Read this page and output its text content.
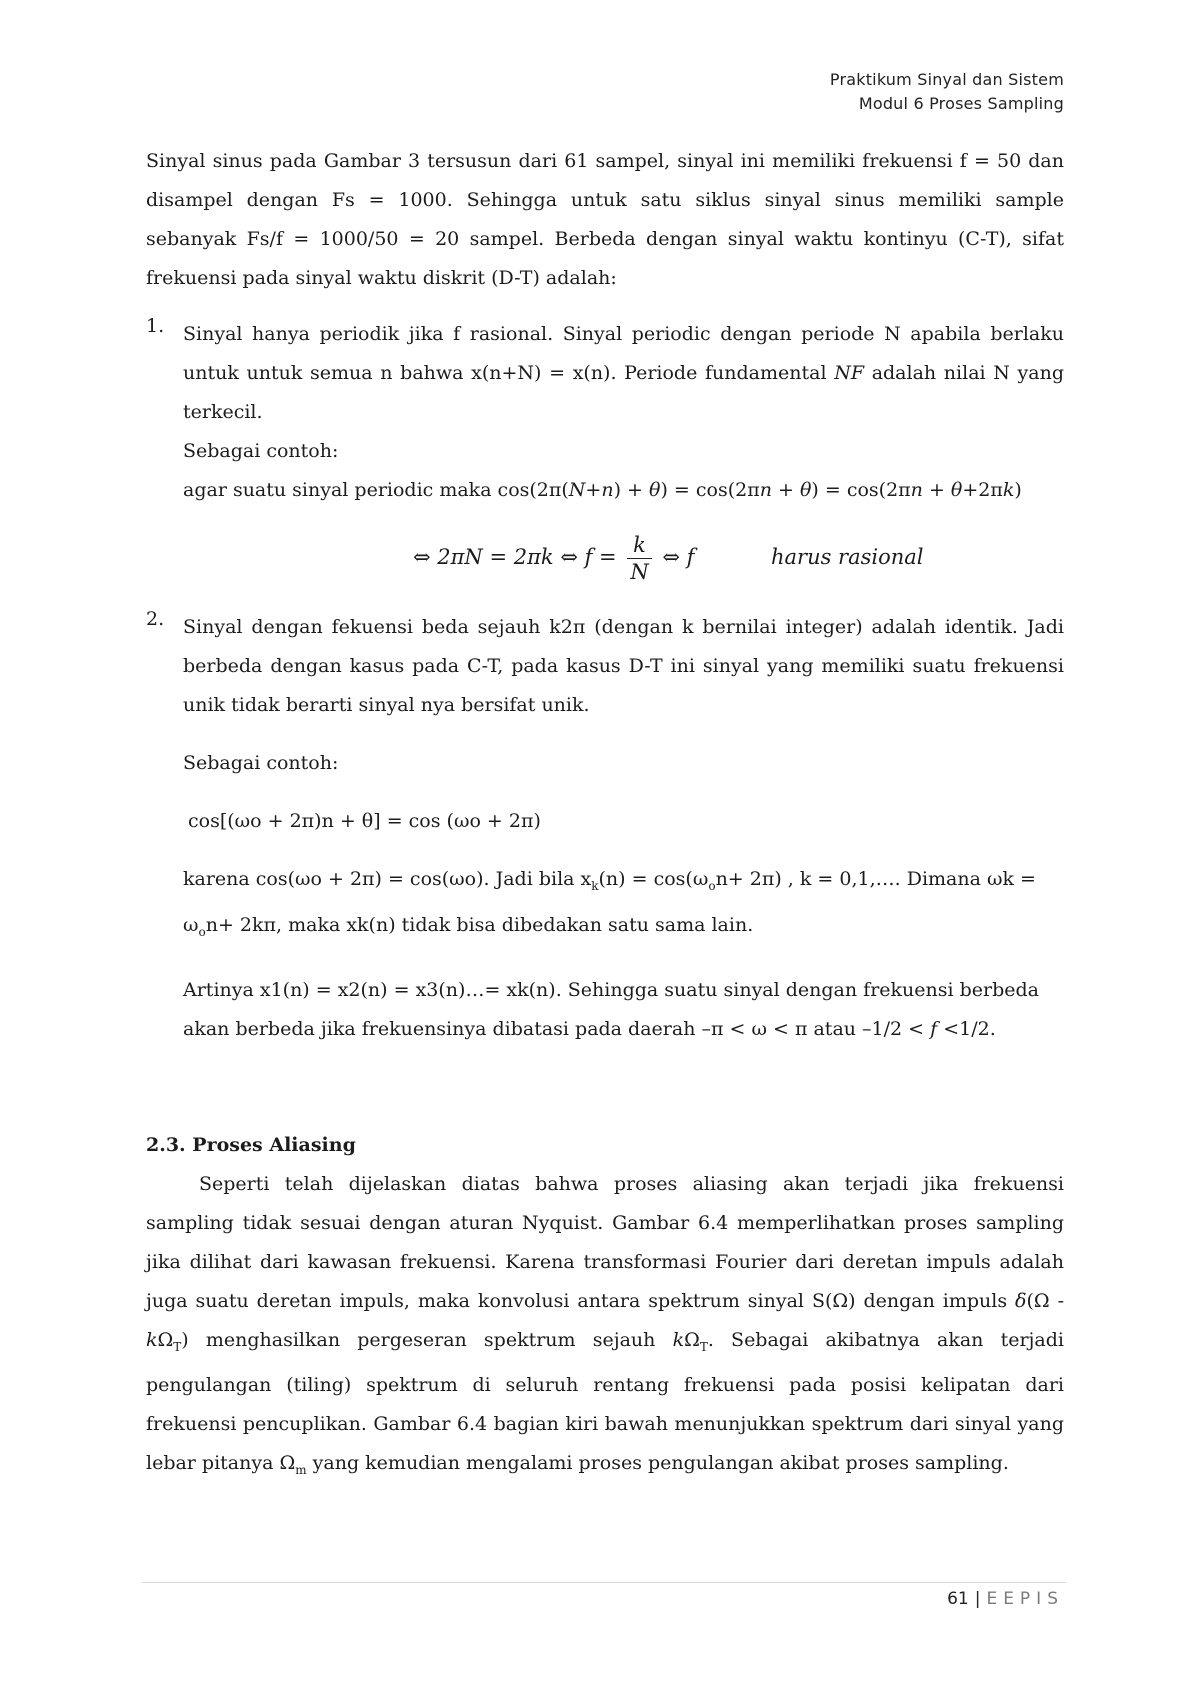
Praktikum Sinyal dan Sistem
Modul 6 Proses Sampling

Sinyal sinus pada Gambar 3 tersusun dari 61 sampel, sinyal ini memiliki frekuensi f = 50 dan disampel dengan Fs = 1000. Sehingga untuk satu siklus sinyal sinus memiliki sample sebanyak Fs/f = 1000/50 = 20 sampel. Berbeda dengan sinyal waktu kontinyu (C-T), sifat frekuensi pada sinyal waktu diskrit (D-T) adalah:

1. Sinyal hanya periodik jika f rasional. Sinyal periodic dengan periode N apabila berlaku untuk untuk semua n bahwa x(n+N) = x(n). Periode fundamental NF adalah nilai N yang terkecil.

Sebagai contoh:
agar suatu sinyal periodic maka cos(2π(N+n) + θ) = cos(2πn + θ) = cos(2πn + θ+2πk)
⇔ 2πN = 2πk ⇔ $f = \frac{k}{N}$ ⇔ f	harus rasional
2. Sinyal dengan fekuensi beda sejauh k2π (dengan k bernilai integer) adalah identik. Jadi berbeda dengan kasus pada C-T, pada kasus D-T ini sinyal yang memiliki suatu frekuensi unik tidak berarti sinyal nya bersifat unik.

Sebagai contoh:
cos[(ωo + 2π)n + θ] = cos (ωo + 2π)

karena cos(ωo + 2π) = cos(ωo). Jadi bila $x_k(n) = \cos(\omega_on+ 2\pi)$ , k = 0,1,…. Dimana $\omega k = \omega_on+ 2k\pi$, maka xk(n) tidak bisa dibedakan satu sama lain.

Artinya x1(n) = x2(n) = x3(n)…= xk(n). Sehingga suatu sinyal dengan frekuensi berbeda akan berbeda jika frekuensinya dibatasi pada daerah –π < ω < π atau –1/2 < f <1/2.

2.3. Proses Aliasing

Seperti telah dijelaskan diatas bahwa proses aliasing akan terjadi jika frekuensi sampling tidak sesuai dengan aturan Nyquist. Gambar 6.4 memperlihatkan proses sampling jika dilihat dari kawasan frekuensi. Karena transformasi Fourier dari deretan impuls adalah juga suatu deretan impuls, maka konvolusi antara spektrum sinyal S(Ω) dengan impuls $\delta(\Omega - k\Omega_T)$ menghasilkan pergeseran spektrum sejauh $k\Omega_T$. Sebagai akibatnya akan terjadi pengulangan (tiling) spektrum di seluruh rentang frekuensi pada posisi kelipatan dari frekuensi pencuplikan. Gambar 6.4 bagian kiri bawah menunjukkan spektrum dari sinyal yang lebar pitanya $\Omega_m$ yang kemudian mengalami proses pengulangan akibat proses sampling.

61 | EEPIS
